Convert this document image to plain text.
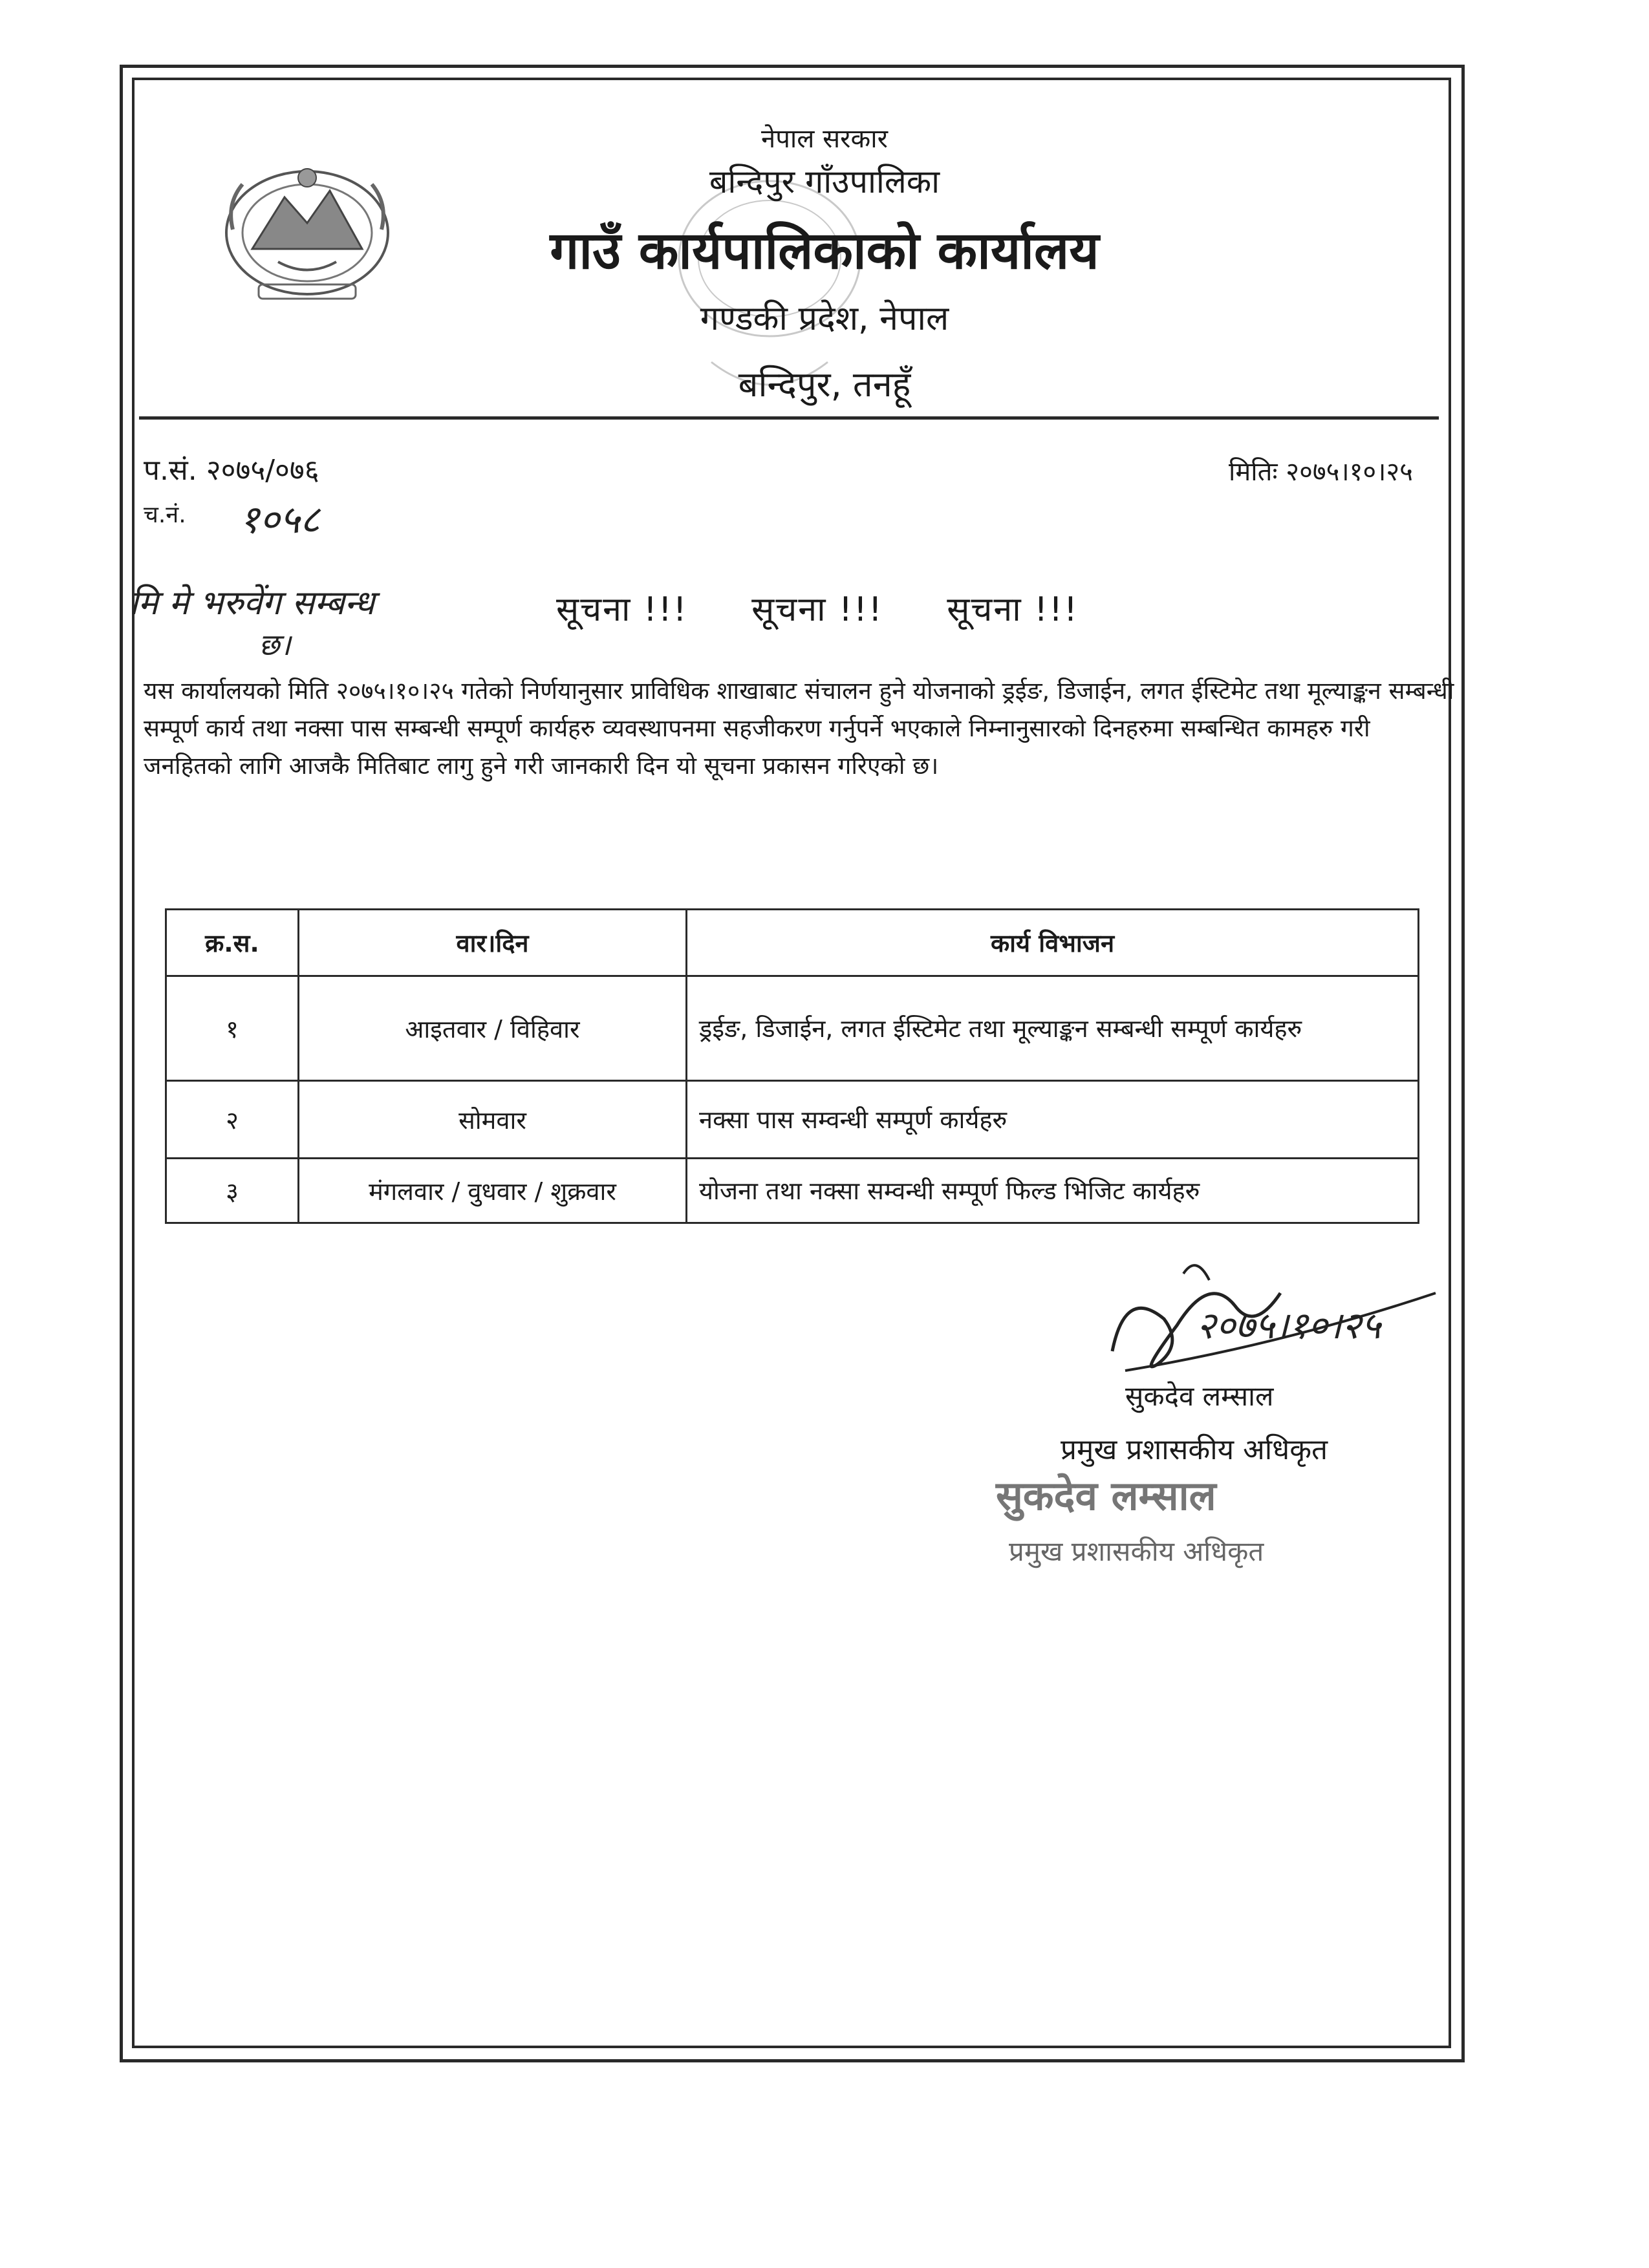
नेपाल सरकार
बन्दिपुर गाँउपालिका
गाउँ कार्यपालिकाको कार्यालय
गण्डकी प्रदेश, नेपाल
बन्दिपुर, तनहूँ
प.सं. २०७५/०७६	मितिः २०७५।१०।२५
च.नं. १०५८
मि मे भरुवेंग सम्बन्ध
छ।
सूचना !!! सूचना !!! सूचना !!!
यस कार्यालयको मिति २०७५।१०।२५ गतेको निर्णयानुसार प्राविधिक शाखाबाट संचालन हुने योजनाको ड्रईङ, डिजाईन, लगत ईस्टिमेट तथा मूल्याङ्कन सम्बन्धी सम्पूर्ण कार्य तथा नक्सा पास सम्बन्धी सम्पूर्ण कार्यहरु व्यवस्थापनमा सहजीकरण गर्नुपर्ने भएकाले निम्नानुसारको दिनहरुमा सम्बन्धित कामहरु गरी जनहितको लागि आजकै मितिबाट लागु हुने गरी जानकारी दिन यो सूचना प्रकासन गरिएको छ।
क्र.स.	वार।दिन	कार्य विभाजन
१	आइतवार / विहिवार	ड्रईङ, डिजाईन, लगत ईस्टिमेट तथा मूल्याङ्कन सम्बन्धी सम्पूर्ण कार्यहरु
२	सोमवार	नक्सा पास सम्वन्धी सम्पूर्ण कार्यहरु
३	मंगलवार / वुधवार / शुक्रवार	योजना तथा नक्सा सम्वन्धी सम्पूर्ण फिल्ड भिजिट कार्यहरु
२०७५।१०।२५
सुकदेव लम्साल
प्रमुख प्रशासकीय अधिकृत
सुकदेव लम्साल
प्रमुख प्रशासकीय अधिकृत
